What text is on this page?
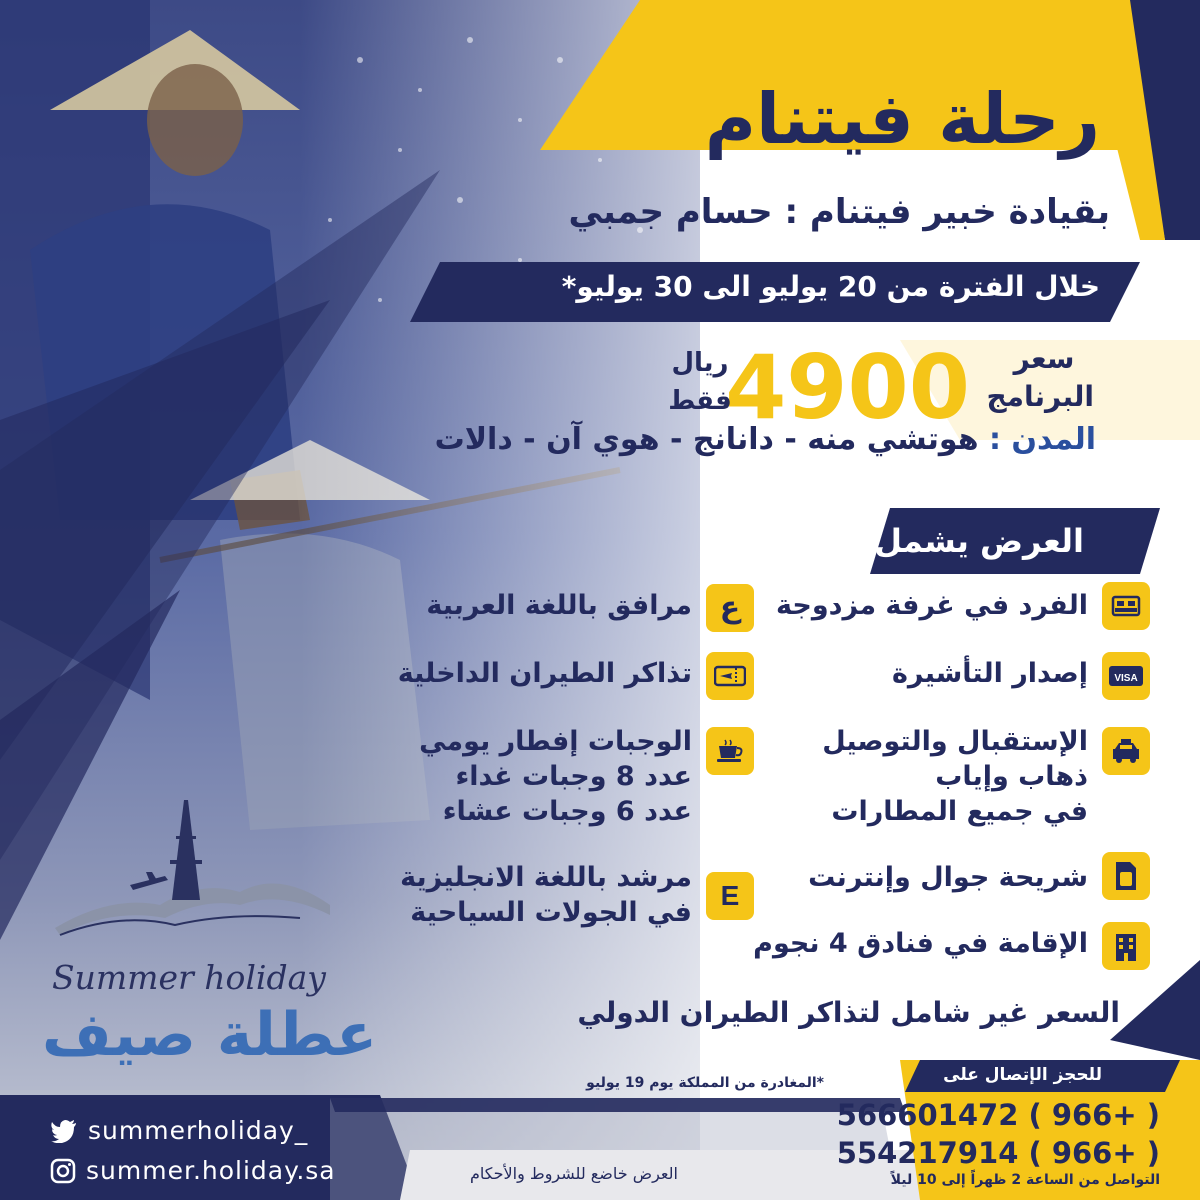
رحلة فيتنام
بقيادة خبير فيتنام : حسام جمبي
خلال الفترة من 20 يوليو الى 30 يوليو*
سعر
البرنامج
4900
ريال
فقط
المدن : هوتشي منه - دانانج - هوي آن - دالات
العرض يشمل
الفرد في غرفة مزدوجة
VISA
إصدار التأشيرة
الإستقبال والتوصيل
ذهاب وإياب
في جميع المطارات
شريحة جوال وإنترنت
الإقامة في فنادق 4 نجوم
ع
مرافق باللغة العربية
تذاكر الطيران الداخلية
الوجبات إفطار يومي
عدد 8 وجبات غداء
عدد 6 وجبات عشاء
E
مرشد باللغة الانجليزية
في الجولات السياحية
السعر غير شامل لتذاكر الطيران الدولي
*المغادرة من المملكة يوم 19 يوليو	للحجز الإتصال على
566601472 ( 966+ )
554217914 ( 966+ )
التواصل من الساعة 2 ظهراً إلى 10 ليلاً
العرض خاضع للشروط والأحكام
summerholiday_
summer.holiday.sa
Summer holiday
عطلة صيف
